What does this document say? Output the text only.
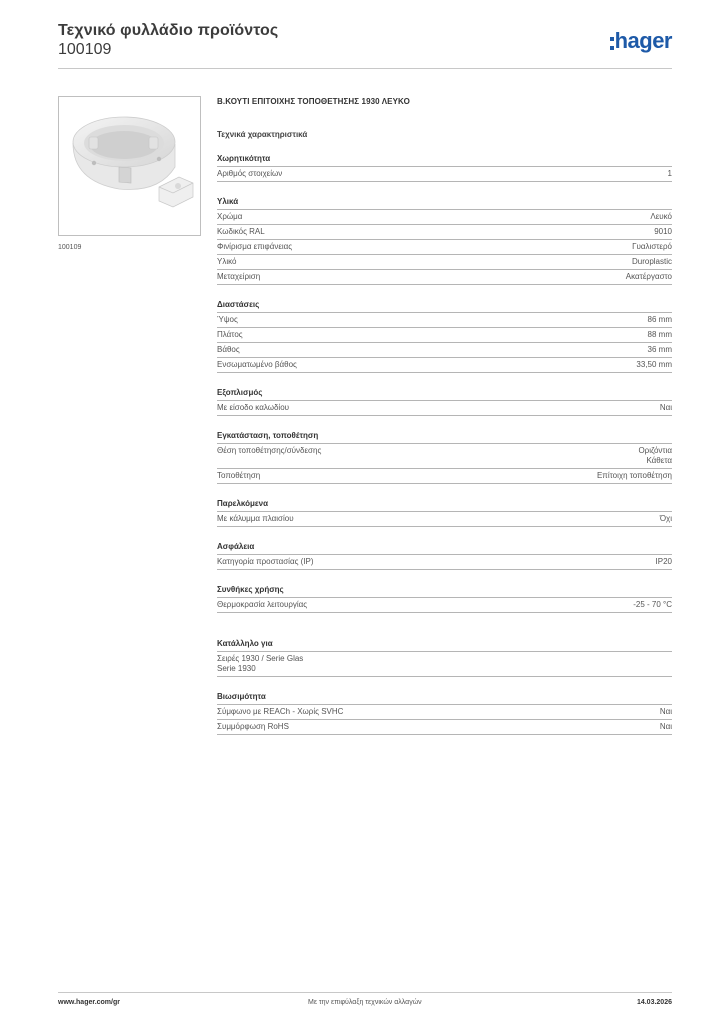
Τεχνικό φυλλάδιο προϊόντος
100109	hager
100109
Β.ΚΟΥΤΙ ΕΠΙΤΟΙΧΗΣ ΤΟΠΟΘΕΤΗΣΗΣ 1930 ΛΕΥΚΟ
Τεχνικά χαρακτηριστικά
Χωρητικότητα
Αριθμός στοιχείων	1
Υλικά
Χρώμα	Λευκό
Κωδικός RAL	9010
Φινίρισμα επιφάνειας	Γυαλιστερό
Υλικό	Duroplastic
Μεταχείριση	Ακατέργαστο
Διαστάσεις
Ύψος	86 mm
Πλάτος	88 mm
Βάθος	36 mm
Ενσωματωμένο βάθος	33,50 mm
Εξοπλισμός
Με είσοδο καλωδίου	Ναι
Εγκατάσταση, τοποθέτηση
Θέση τοποθέτησης/σύνδεσης	Οριζόντια
Κάθετα
Τοποθέτηση	Επίτοιχη τοποθέτηση
Παρελκόμενα
Με κάλυμμα πλαισίου	Όχι
Ασφάλεια
Κατηγορία προστασίας (IP)	IP20
Συνθήκες χρήσης
Θερμοκρασία λειτουργίας	-25 - 70 °C
Κατάλληλο για
Σειρές 1930 / Serie Glas
Serie 1930
Βιωσιμότητα
Σύμφωνο με REACh - Χωρίς SVHC	Ναι
Συμμόρφωση RoHS	Ναι
www.hager.com/gr	Με την επιφύλαξη τεχνικών αλλαγών	14.03.2026
